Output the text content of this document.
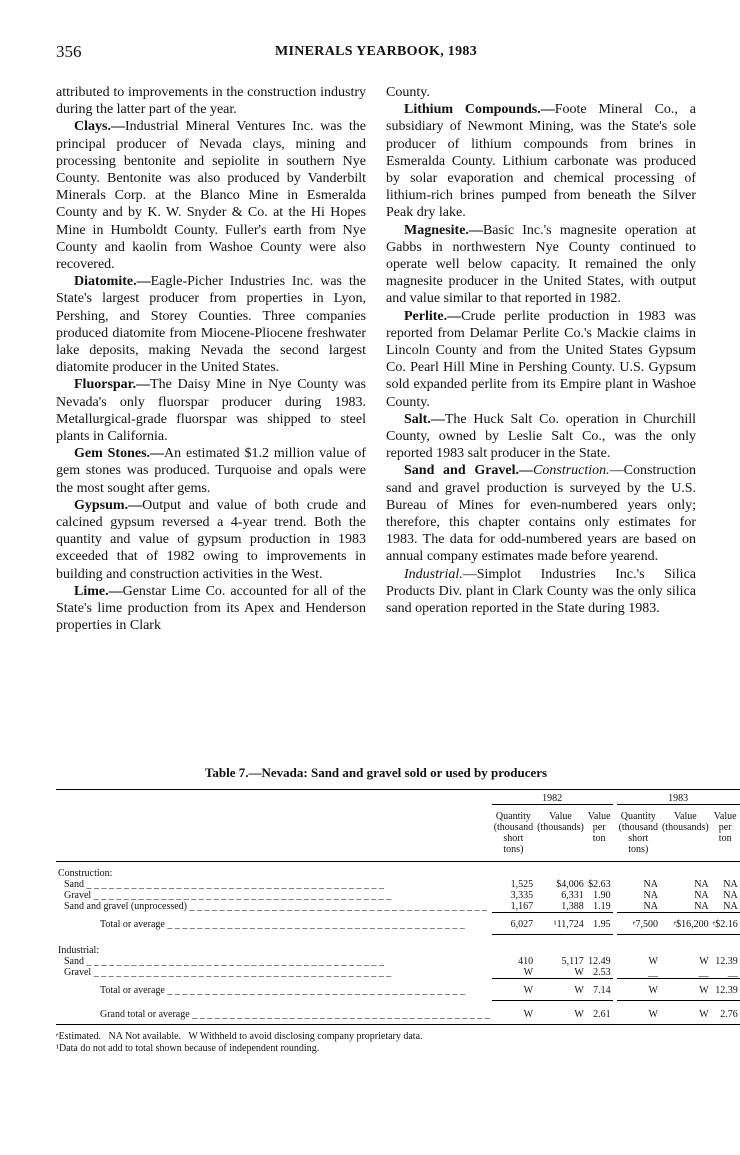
356	MINERALS YEARBOOK, 1983

attributed to improvements in the construction industry during the latter part of the year.

Clays.—Industrial Mineral Ventures Inc. was the principal producer of Nevada clays, mining and processing bentonite and sepiolite in southern Nye County. Bentonite was also produced by Vanderbilt Minerals Corp. at the Blanco Mine in Esmeralda County and by K. W. Snyder & Co. at the Hi Hopes Mine in Humboldt County. Fuller's earth from Nye County and kaolin from Washoe County were also recovered.

Diatomite.—Eagle-Picher Industries Inc. was the State's largest producer from properties in Lyon, Pershing, and Storey Counties. Three companies produced diatomite from Miocene-Pliocene freshwater lake deposits, making Nevada the second largest diatomite producer in the United States.

Fluorspar.—The Daisy Mine in Nye County was Nevada's only fluorspar producer during 1983. Metallurgical-grade fluorspar was shipped to steel plants in California.

Gem Stones.—An estimated $1.2 million value of gem stones was produced. Turquoise and opals were the most sought after gems.

Gypsum.—Output and value of both crude and calcined gypsum reversed a 4-year trend. Both the quantity and value of gypsum production in 1983 exceeded that of 1982 owing to improvements in building and construction activities in the West.

Lime.—Genstar Lime Co. accounted for all of the State's lime production from its Apex and Henderson properties in Clark

County.

Lithium Compounds.—Foote Mineral Co., a subsidiary of Newmont Mining, was the State's sole producer of lithium compounds from brines in Esmeralda County. Lithium carbonate was produced by solar evaporation and chemical processing of lithium-rich brines pumped from beneath the Silver Peak dry lake.

Magnesite.—Basic Inc.'s magnesite operation at Gabbs in northwestern Nye County continued to operate well below capacity. It remained the only magnesite producer in the United States, with output and value similar to that reported in 1982.

Perlite.—Crude perlite production in 1983 was reported from Delamar Perlite Co.'s Mackie claims in Lincoln County and from the United States Gypsum Co. Pearl Hill Mine in Pershing County. U.S. Gypsum sold expanded perlite from its Empire plant in Washoe County.

Salt.—The Huck Salt Co. operation in Churchill County, owned by Leslie Salt Co., was the only reported 1983 salt producer in the State.

Sand and Gravel.—Construction.—Construction sand and gravel production is surveyed by the U.S. Bureau of Mines for even-numbered years only; therefore, this chapter contains only estimates for 1983. The data for odd-numbered years are based on annual company estimates made before yearend.

Industrial.—Simplot Industries Inc.'s Silica Products Div. plant in Clark County was the only silica sand operation reported in the State during 1983.

Table 7.—Nevada: Sand and gravel sold or used by producers
	1982				1983		
	Quantity (thousand short tons)	Value (thousands)	Value per ton		Quantity (thousand short tons)	Value (thousands)	Value per ton
Construction:							
Sand _ _ _	1,525	$4,006	$2.63		NA	NA	NA
Gravel _ _ _	3,335	6,331	1.90		NA	NA	NA
Sand and gravel (unprocessed) _ _ _	1,167	1,388	1.19		NA	NA	NA
Total or average _ _ _	6,027	¹11,724	1.95		ᵉ7,500	ᵉ$16,200	ᵉ$2.16
Industrial:							
Sand _ _ _	410	5,117	12.49		W	W	12.39
Gravel _ _ _	W	W	2.53		__	__	__
Total or average _ _ _	W	W	7.14		W	W	12.39
Grand total or average _ _ _	W	W	2.61		W	W	2.76
ᵉEstimated.   NA Not available.   W Withheld to avoid disclosing company proprietary data.
¹Data do not add to total shown because of independent rounding.
